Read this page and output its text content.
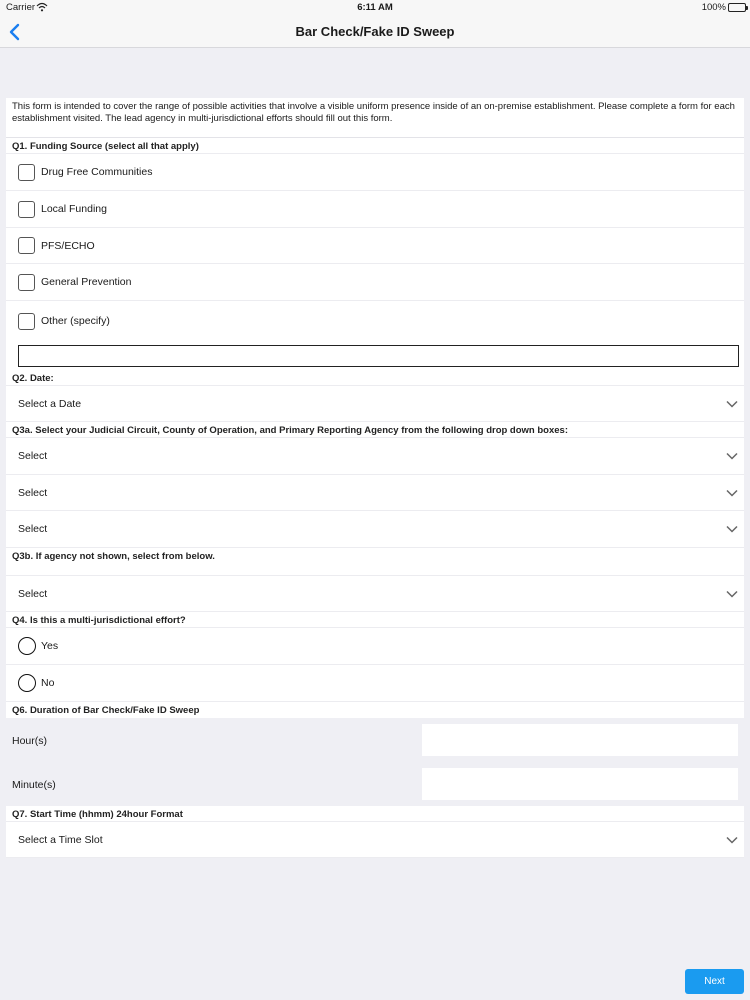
Carrier	6:11 AM	100%
Bar Check/Fake ID Sweep
This form is intended to cover the range of possible activities that involve a visible uniform presence inside of an on-premise establishment. Please complete a form for each establishment visited. The lead agency in multi-jurisdictional efforts should fill out this form.
Q1. Funding Source (select all that apply)
Drug Free Communities
Local Funding
PFS/ECHO
General Prevention
Other (specify)
Q2. Date:
Select a Date
Q3a. Select your Judicial Circuit, County of Operation, and Primary Reporting Agency from the following drop down boxes:
Select
Select
Select
Q3b. If agency not shown, select from below.
Select
Q4. Is this a multi-jurisdictional effort?
Yes
No
Q6. Duration of Bar Check/Fake ID Sweep
Hour(s)
Minute(s)
Q7. Start Time (hhmm) 24hour Format
Select a Time Slot
Next
